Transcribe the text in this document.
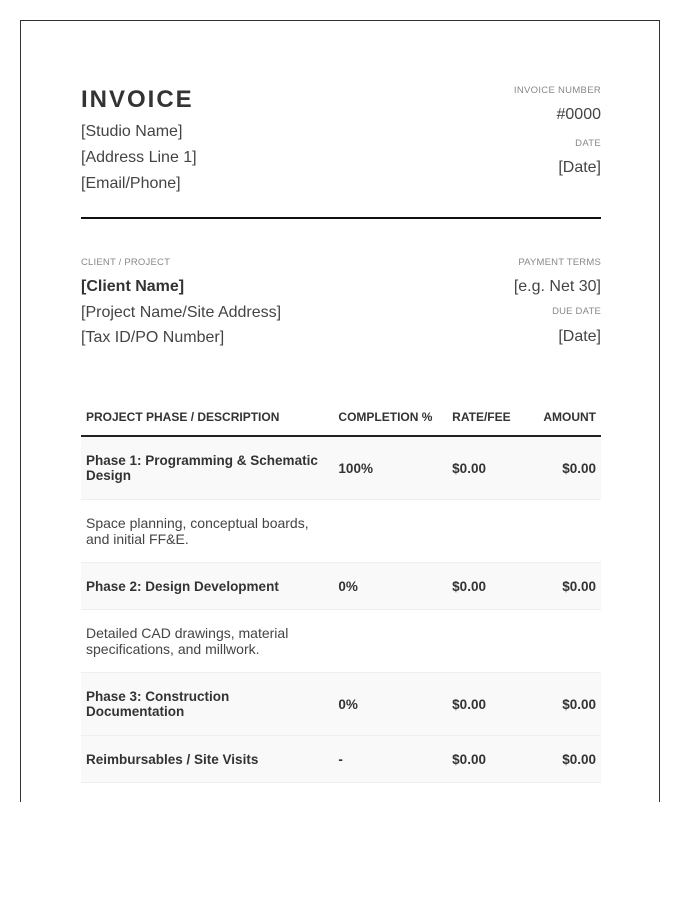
INVOICE
[Studio Name]
[Address Line 1]
[Email/Phone]
INVOICE NUMBER
#0000
DATE
[Date]
CLIENT / PROJECT
[Client Name]
[Project Name/Site Address]
[Tax ID/PO Number]
PAYMENT TERMS
[e.g. Net 30]
DUE DATE
[Date]
PROJECT PHASE / DESCRIPTION	COMPLETION %	RATE/FEE	AMOUNT
Phase 1: Programming & Schematic Design	100%	$0.00	$0.00
Space planning, conceptual boards, and initial FF&E.			
Phase 2: Design Development	0%	$0.00	$0.00
Detailed CAD drawings, material specifications, and millwork.			
Phase 3: Construction Documentation	0%	$0.00	$0.00
Reimbursables / Site Visits	-	$0.00	$0.00
